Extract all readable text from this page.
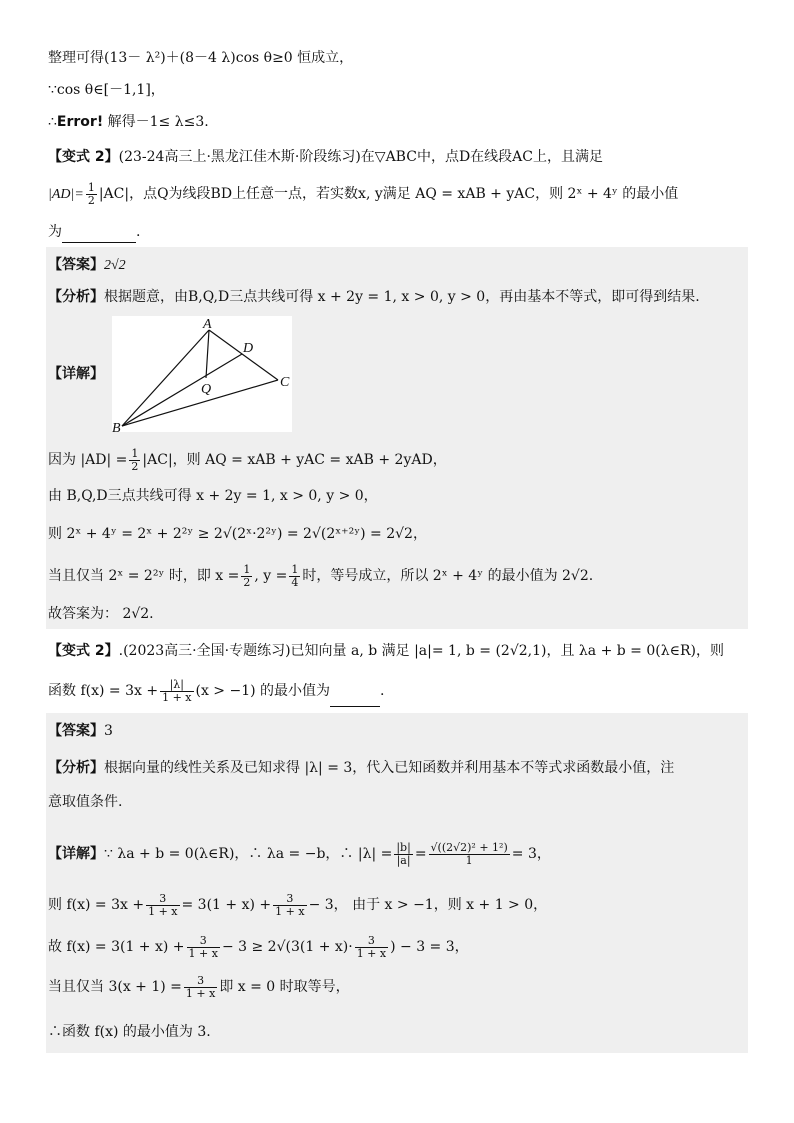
整理可得(13－ λ²)＋(8－4 λ)cos θ≥0 恒成立，
∵cos θ∈[－1,1]，
∴Error! 解得－1≤ λ≤3.
【变式 2】(23-24高三上·黑龙江佳木斯·阶段练习)在▽ABC中，点D在线段AC上，且满足
$|AD|= \frac{1}{2} |AC|$，点Q为线段BD上任意一点，若实数x, y满足 AQ = xAB + yAC，则 2ˣ + 4ʸ 的最小值
为	.
【答案】2√2
【分析】根据题意，由B,Q,D三点共线可得 x + 2y = 1, x > 0, y > 0，再由基本不等式，即可得到结果.
【详解】
A
B
C
D
Q
因为 $|AD| = \frac{1}{2} |AC|$，则 AQ = xAB + yAC = xAB + 2yAD，
由 B,Q,D三点共线可得 x + 2y = 1, x > 0, y > 0，
则 2ˣ + 4ʸ = 2ˣ + 2²ʸ ≥ 2√(2ˣ·2²ʸ) = 2√(2ˣ⁺²ʸ) = 2√2，
当且仅当 2ˣ = 2²ʸ 时，即 $x = \frac{1}{2}$ , $y = \frac{1}{4}$ 时，等号成立，所以 2ˣ + 4ʸ 的最小值为 2√2.
故答案为： 2√2.
【变式 2】.(2023高三·全国·专题练习)已知向量 a, b 满足 |a|= 1, b = (2√2,1)，且 λa + b = 0(λ∈R)，则
函数 $f(x) = 3x + \frac{|\lambda|}{1 + x} (x > -1)$ 的最小值为	.
【答案】3
【分析】根据向量的线性关系及已知求得 |λ| = 3，代入已知函数并利用基本不等式求函数最小值，注
意取值条件.
【详解】∵ λa + b = 0(λ∈R)，∴ λa = −b，∴ $|\lambda| = \frac{|b|}{|a|} = \frac{\text{√((2√2)² + 1²)}}{1} = 3$，
则 $f(x) = 3x + \frac{3}{1 + x} = 3(1 + x) + \frac{3}{1 + x} - 3$， 由于 x > −1，则 x + 1 > 0，
故 $f(x) = 3(1 + x) + \frac{3}{1 + x} - 3 \ge 2√(3(1 + x)\cdot \frac{3}{1 + x}$ ) − 3 = 3，
当且仅当 $3(x + 1) = \frac{3}{1 + x}$ 即 x = 0 时取等号，
∴函数 f(x) 的最小值为 3.
